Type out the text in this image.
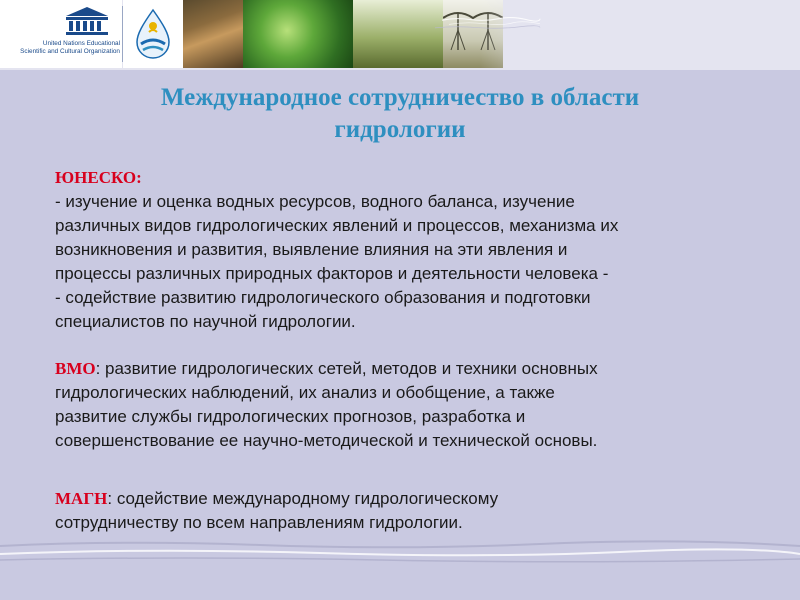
United Nations Educational
Scientific and Cultural Organization
Международное сотрудничество в области
гидрологии
ЮНЕСКО:
- изучение и оценка водных ресурсов, водного баланса, изучение
различных видов гидрологических явлений и процессов, механизма их
возникновения и развития, выявление влияния на эти явления и
процессы различных природных факторов и деятельности человека -
- содействие развитию гидрологического образования и подготовки
специалистов по научной гидрологии.
ВМО: развитие гидрологических сетей, методов и техники основных
гидрологических наблюдений, их анализ и обобщение, а также
развитие службы гидрологических прогнозов, разработка и
совершенствование ее научно-методической и технической основы.
МАГН: содействие международному гидрологическому
сотрудничеству по всем направлениям гидрологии.
